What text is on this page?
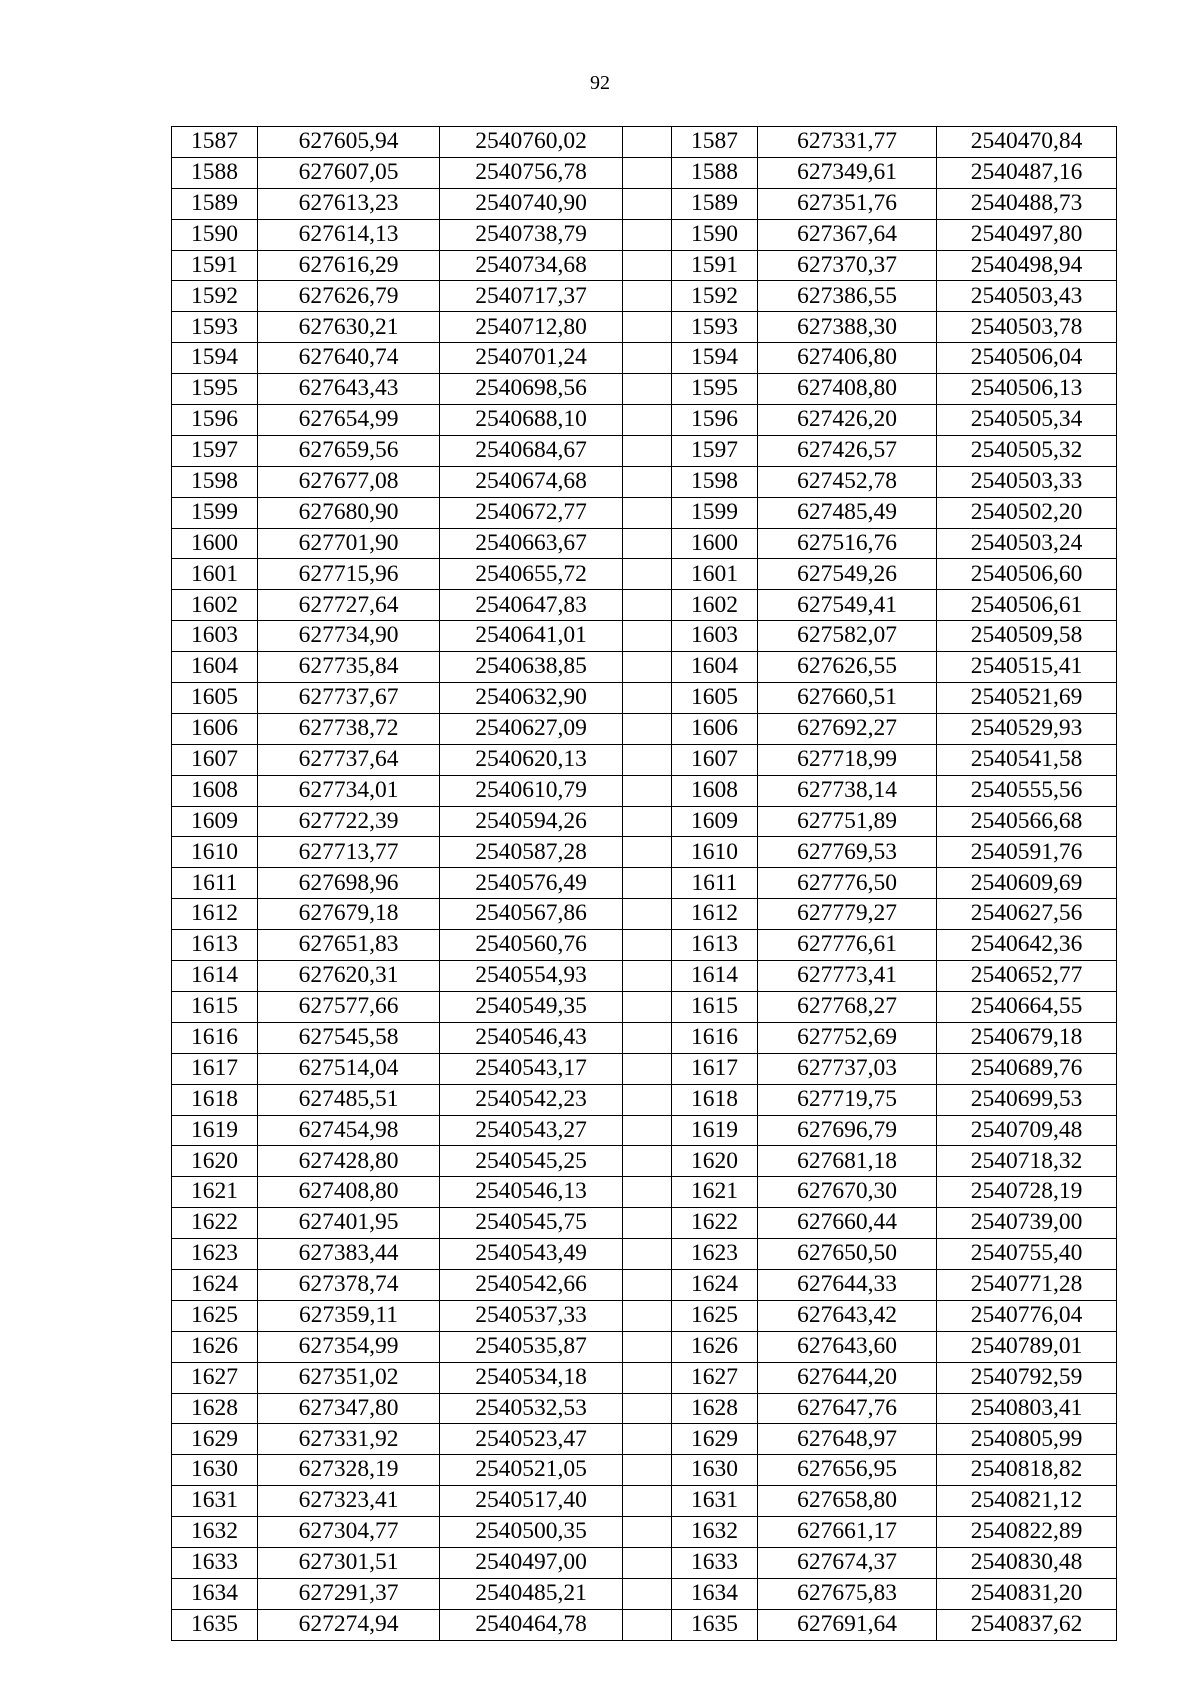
92
1587	627605,94	2540760,02		1587	627331,77	2540470,84
1588	627607,05	2540756,78		1588	627349,61	2540487,16
1589	627613,23	2540740,90		1589	627351,76	2540488,73
1590	627614,13	2540738,79		1590	627367,64	2540497,80
1591	627616,29	2540734,68		1591	627370,37	2540498,94
1592	627626,79	2540717,37		1592	627386,55	2540503,43
1593	627630,21	2540712,80		1593	627388,30	2540503,78
1594	627640,74	2540701,24		1594	627406,80	2540506,04
1595	627643,43	2540698,56		1595	627408,80	2540506,13
1596	627654,99	2540688,10		1596	627426,20	2540505,34
1597	627659,56	2540684,67		1597	627426,57	2540505,32
1598	627677,08	2540674,68		1598	627452,78	2540503,33
1599	627680,90	2540672,77		1599	627485,49	2540502,20
1600	627701,90	2540663,67		1600	627516,76	2540503,24
1601	627715,96	2540655,72		1601	627549,26	2540506,60
1602	627727,64	2540647,83		1602	627549,41	2540506,61
1603	627734,90	2540641,01		1603	627582,07	2540509,58
1604	627735,84	2540638,85		1604	627626,55	2540515,41
1605	627737,67	2540632,90		1605	627660,51	2540521,69
1606	627738,72	2540627,09		1606	627692,27	2540529,93
1607	627737,64	2540620,13		1607	627718,99	2540541,58
1608	627734,01	2540610,79		1608	627738,14	2540555,56
1609	627722,39	2540594,26		1609	627751,89	2540566,68
1610	627713,77	2540587,28		1610	627769,53	2540591,76
1611	627698,96	2540576,49		1611	627776,50	2540609,69
1612	627679,18	2540567,86		1612	627779,27	2540627,56
1613	627651,83	2540560,76		1613	627776,61	2540642,36
1614	627620,31	2540554,93		1614	627773,41	2540652,77
1615	627577,66	2540549,35		1615	627768,27	2540664,55
1616	627545,58	2540546,43		1616	627752,69	2540679,18
1617	627514,04	2540543,17		1617	627737,03	2540689,76
1618	627485,51	2540542,23		1618	627719,75	2540699,53
1619	627454,98	2540543,27		1619	627696,79	2540709,48
1620	627428,80	2540545,25		1620	627681,18	2540718,32
1621	627408,80	2540546,13		1621	627670,30	2540728,19
1622	627401,95	2540545,75		1622	627660,44	2540739,00
1623	627383,44	2540543,49		1623	627650,50	2540755,40
1624	627378,74	2540542,66		1624	627644,33	2540771,28
1625	627359,11	2540537,33		1625	627643,42	2540776,04
1626	627354,99	2540535,87		1626	627643,60	2540789,01
1627	627351,02	2540534,18		1627	627644,20	2540792,59
1628	627347,80	2540532,53		1628	627647,76	2540803,41
1629	627331,92	2540523,47		1629	627648,97	2540805,99
1630	627328,19	2540521,05		1630	627656,95	2540818,82
1631	627323,41	2540517,40		1631	627658,80	2540821,12
1632	627304,77	2540500,35		1632	627661,17	2540822,89
1633	627301,51	2540497,00		1633	627674,37	2540830,48
1634	627291,37	2540485,21		1634	627675,83	2540831,20
1635	627274,94	2540464,78		1635	627691,64	2540837,62
